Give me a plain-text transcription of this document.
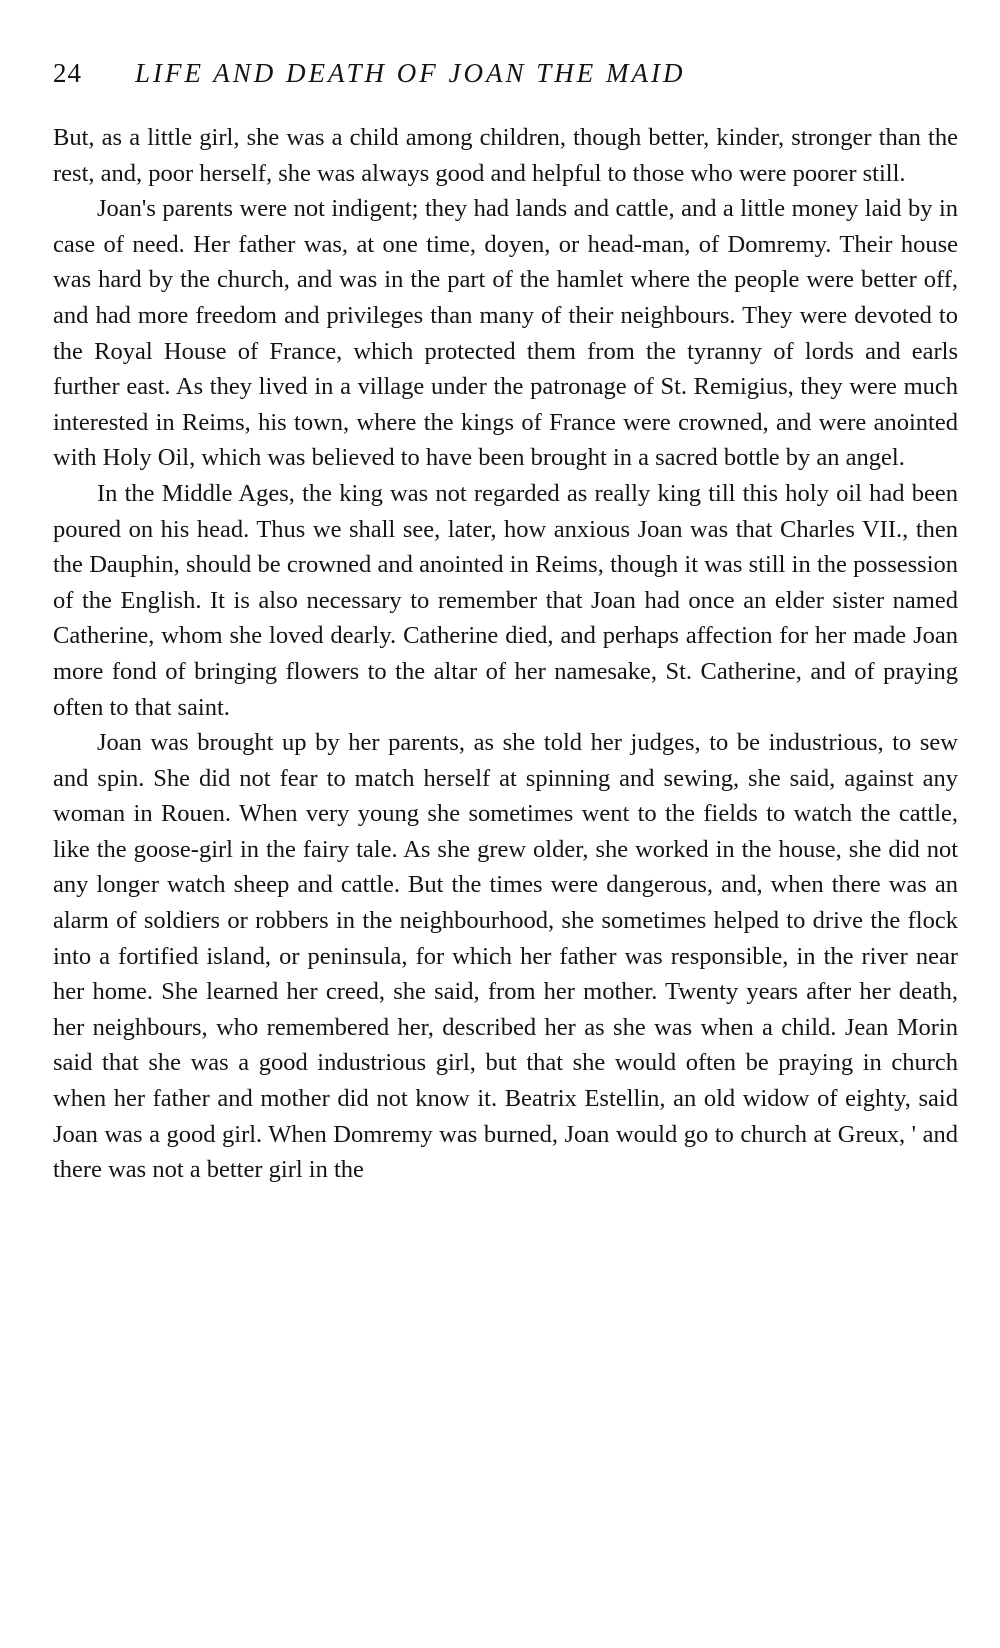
24	LIFE AND DEATH OF JOAN THE MAID

But, as a little girl, she was a child among children, though better, kinder, stronger than the rest, and, poor herself, she was always good and helpful to those who were poorer still.

Joan's parents were not indigent; they had lands and cattle, and a little money laid by in case of need. Her father was, at one time, doyen, or head-man, of Domremy. Their house was hard by the church, and was in the part of the hamlet where the people were better off, and had more freedom and privileges than many of their neighbours. They were devoted to the Royal House of France, which protected them from the tyranny of lords and earls further east. As they lived in a village under the patronage of St. Remigius, they were much interested in Reims, his town, where the kings of France were crowned, and were anointed with Holy Oil, which was believed to have been brought in a sacred bottle by an angel.

In the Middle Ages, the king was not regarded as really king till this holy oil had been poured on his head. Thus we shall see, later, how anxious Joan was that Charles VII., then the Dauphin, should be crowned and anointed in Reims, though it was still in the possession of the English. It is also necessary to remember that Joan had once an elder sister named Catherine, whom she loved dearly. Catherine died, and perhaps affection for her made Joan more fond of bringing flowers to the altar of her namesake, St. Catherine, and of praying often to that saint.

Joan was brought up by her parents, as she told her judges, to be industrious, to sew and spin. She did not fear to match herself at spinning and sewing, she said, against any woman in Rouen. When very young she sometimes went to the fields to watch the cattle, like the goose-girl in the fairy tale. As she grew older, she worked in the house, she did not any longer watch sheep and cattle. But the times were dangerous, and, when there was an alarm of soldiers or robbers in the neighbourhood, she sometimes helped to drive the flock into a fortified island, or peninsula, for which her father was responsible, in the river near her home. She learned her creed, she said, from her mother. Twenty years after her death, her neighbours, who remembered her, described her as she was when a child. Jean Morin said that she was a good industrious girl, but that she would often be praying in church when her father and mother did not know it. Beatrix Estellin, an old widow of eighty, said Joan was a good girl. When Domremy was burned, Joan would go to church at Greux, ' and there was not a better girl in the
